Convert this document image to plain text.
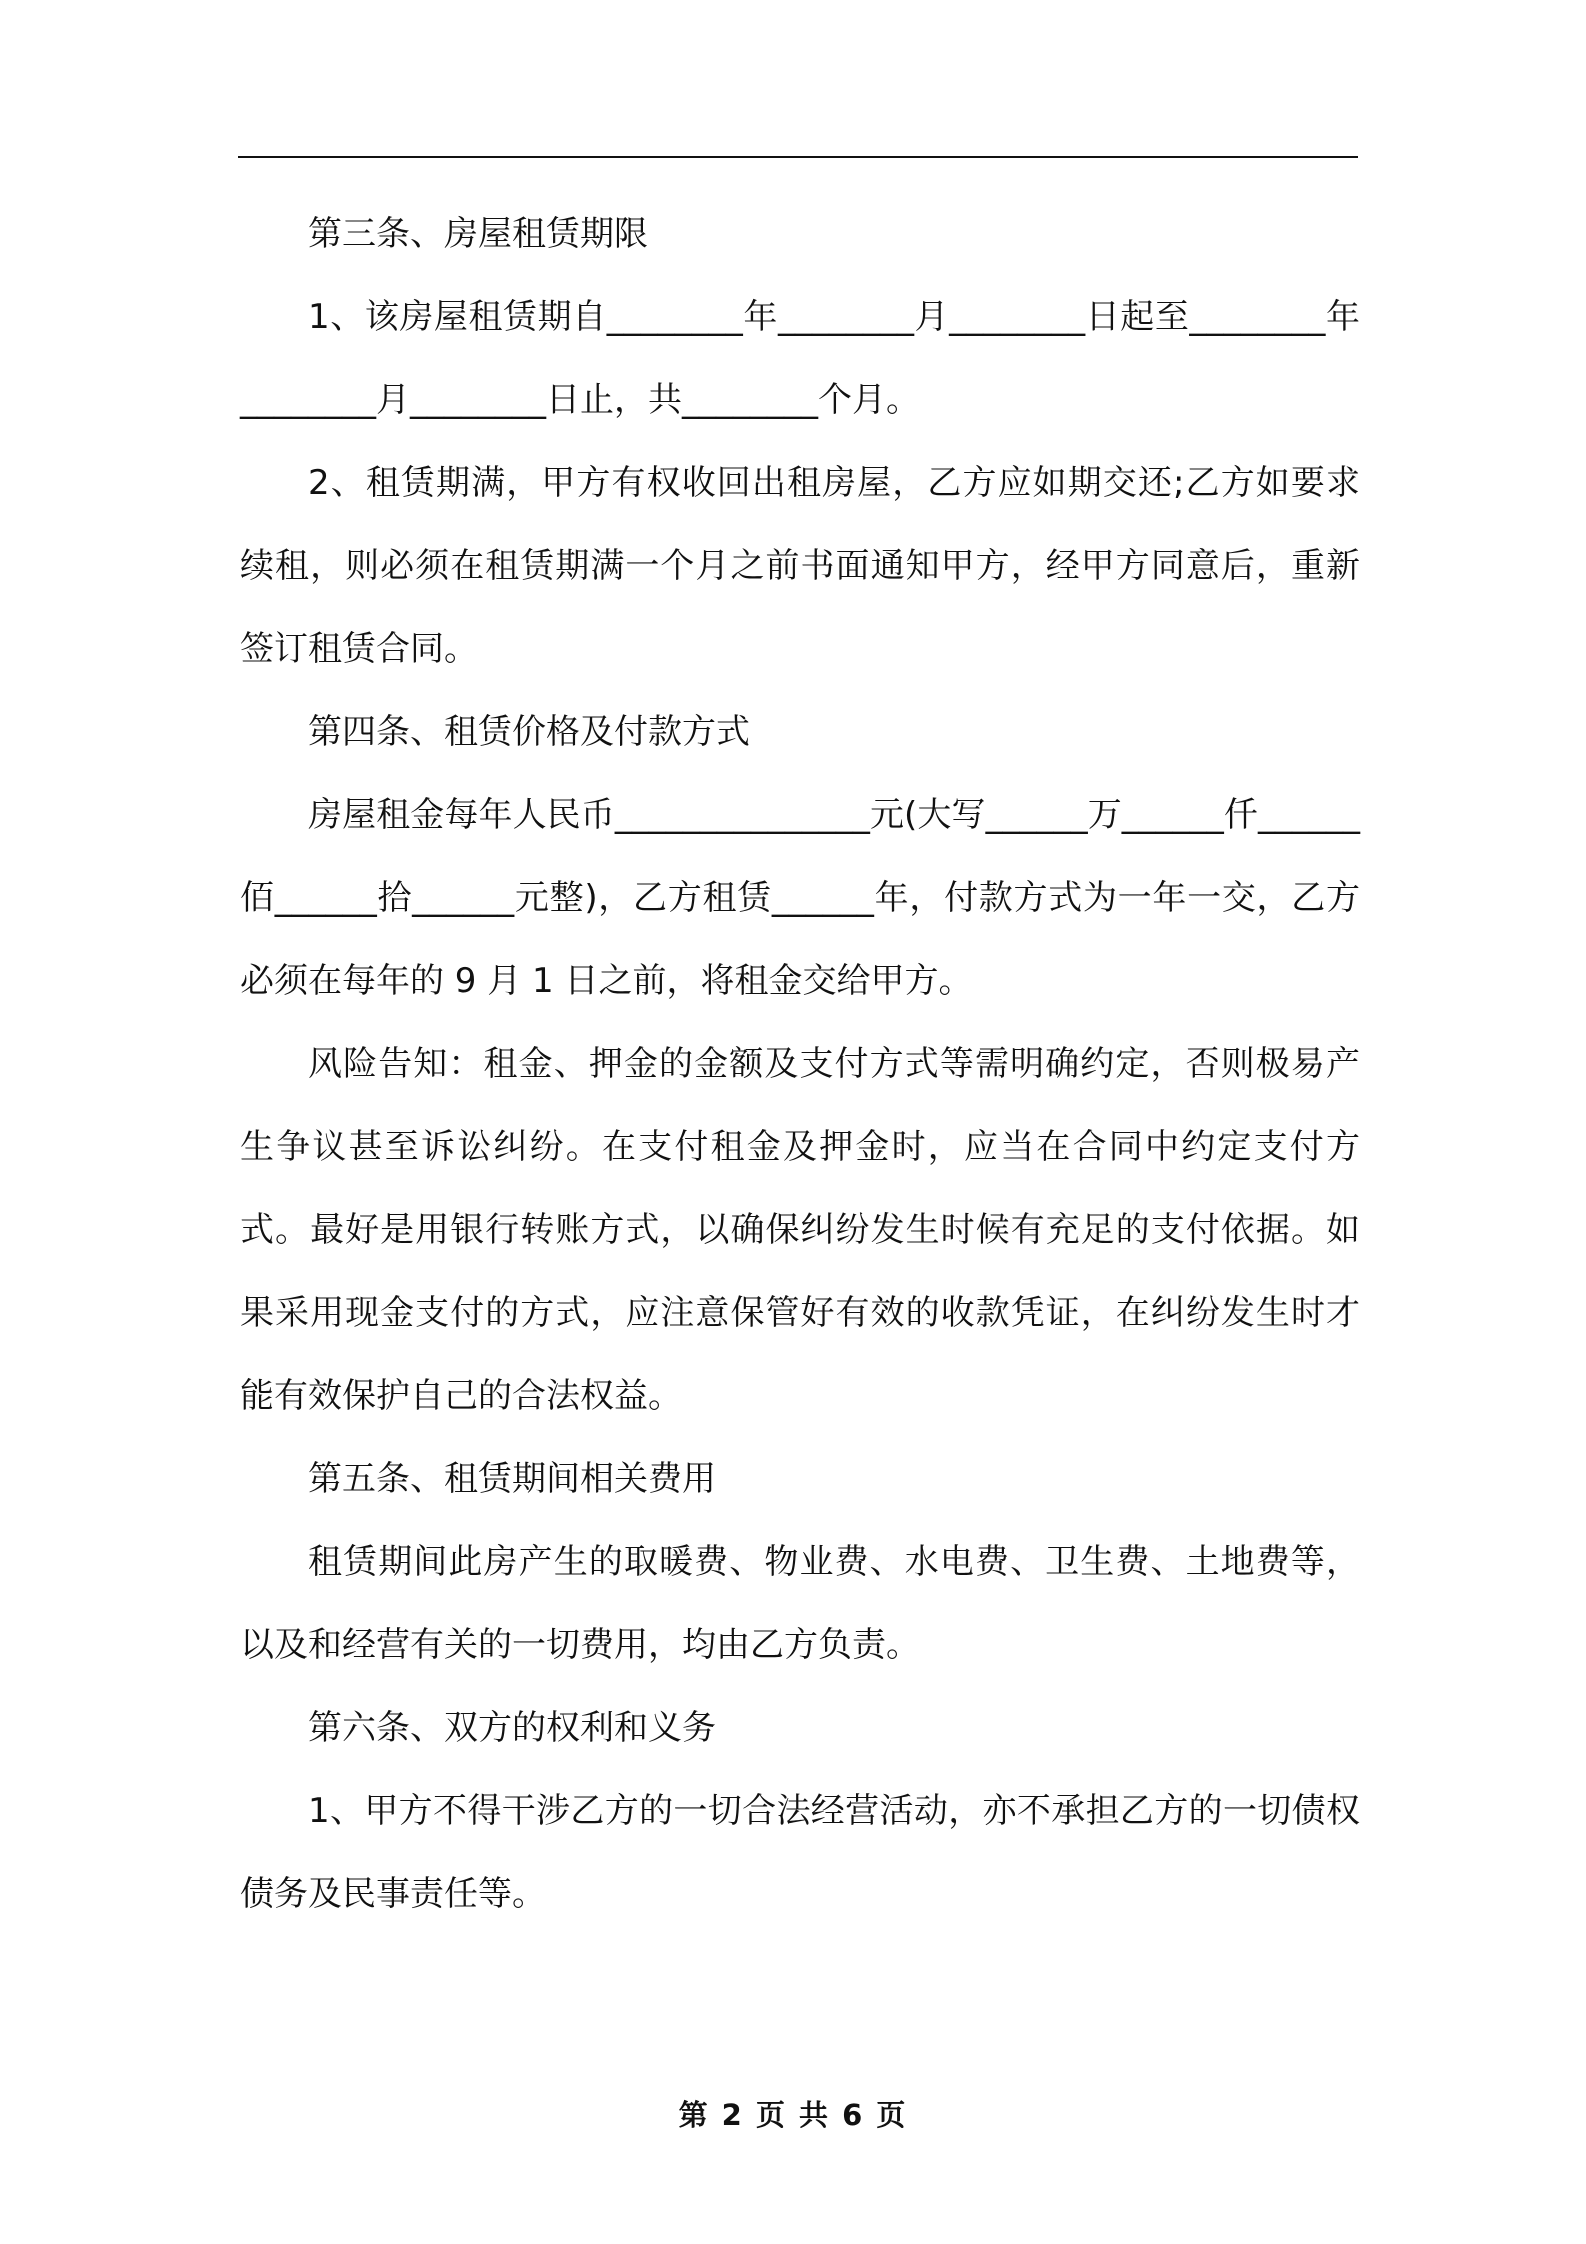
第三条、房屋租赁期限

1、该房屋租赁期自________年________月________日起至________年________月________日止，共________个月。

2、租赁期满，甲方有权收回出租房屋，乙方应如期交还;乙方如要求续租，则必须在租赁期满一个月之前书面通知甲方，经甲方同意后，重新签订租赁合同。

第四条、租赁价格及付款方式

房屋租金每年人民币_______________元(大写______万______仟______佰______拾______元整)，乙方租赁______年，付款方式为一年一交，乙方必须在每年的 9 月 1 日之前，将租金交给甲方。

风险告知：租金、押金的金额及支付方式等需明确约定，否则极易产生争议甚至诉讼纠纷。在支付租金及押金时，应当在合同中约定支付方式。最好是用银行转账方式，以确保纠纷发生时候有充足的支付依据。如果采用现金支付的方式，应注意保管好有效的收款凭证，在纠纷发生时才能有效保护自己的合法权益。

第五条、租赁期间相关费用

租赁期间此房产生的取暖费、物业费、水电费、卫生费、土地费等，以及和经营有关的一切费用，均由乙方负责。

第六条、双方的权利和义务

1、甲方不得干涉乙方的一切合法经营活动，亦不承担乙方的一切债权债务及民事责任等。

第 2 页 共 6 页
